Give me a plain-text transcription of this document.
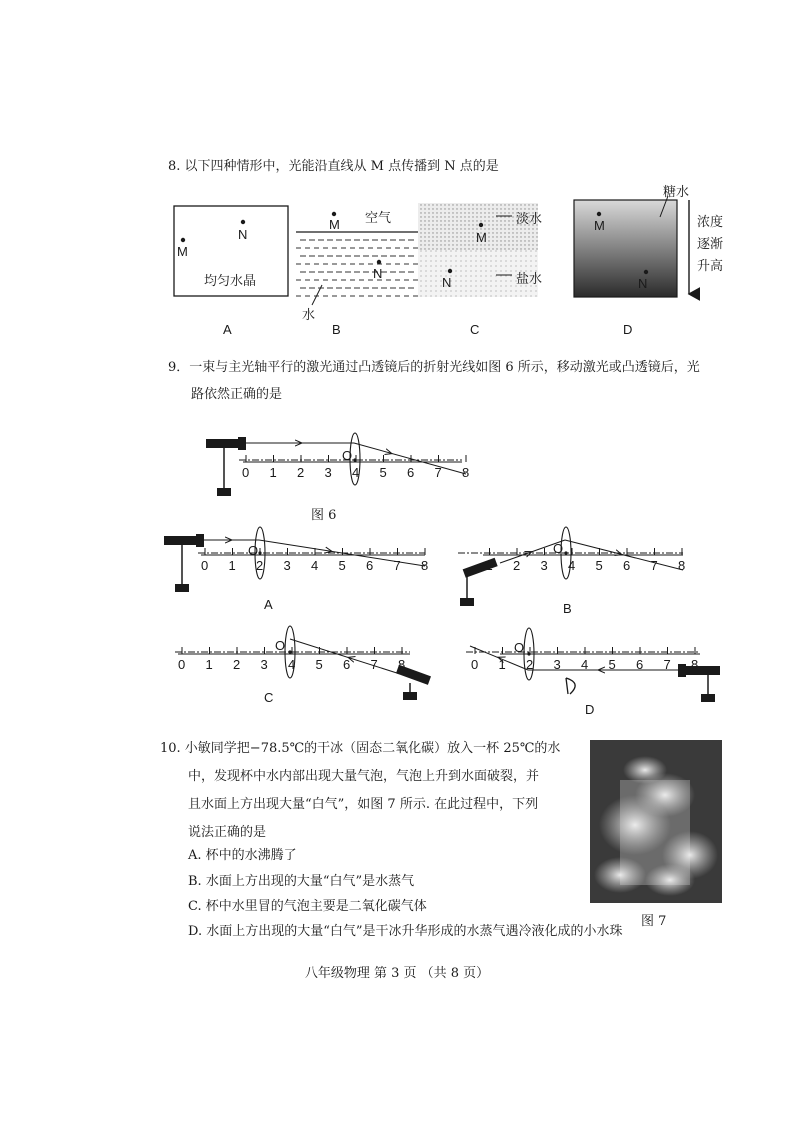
8. 以下四种情形中，光能沿直线从 M 点传播到 N 点的是
M
N
均匀水晶
A
M
N
空气
水
B
M
N
淡水
盐水
C
M
N
糖水
浓度
逐渐
升高
D
9．一束与主光轴平行的激光通过凸透镜后的折射光线如图 6 所示，移动激光或凸透镜后，光
路依然正确的是
O
0 1 2 3 4 5 6 7 8
图 6
O
0 1 2 3 4 5 6 7 8
A
O
1 2 3 4 5 6 7 8
B
O
0 1 2 3 4 5 6 7 8
C
O
0 1 2 3 4 5 6 7 8
D
10. 小敏同学把−78.5℃的干冰（固态二氧化碳）放入一杯 25℃的水
中，发现杯中水内部出现大量气泡，气泡上升到水面破裂，并
且水面上方出现大量“白气”，如图 7 所示. 在此过程中，下列
说法正确的是
A. 杯中的水沸腾了
B. 水面上方出现的大量“白气”是水蒸气
C. 杯中水里冒的气泡主要是二氧化碳气体
D. 水面上方出现的大量“白气”是干冰升华形成的水蒸气遇冷液化成的小水珠
图 7
八年级物理 第 3 页 （共 8 页）
